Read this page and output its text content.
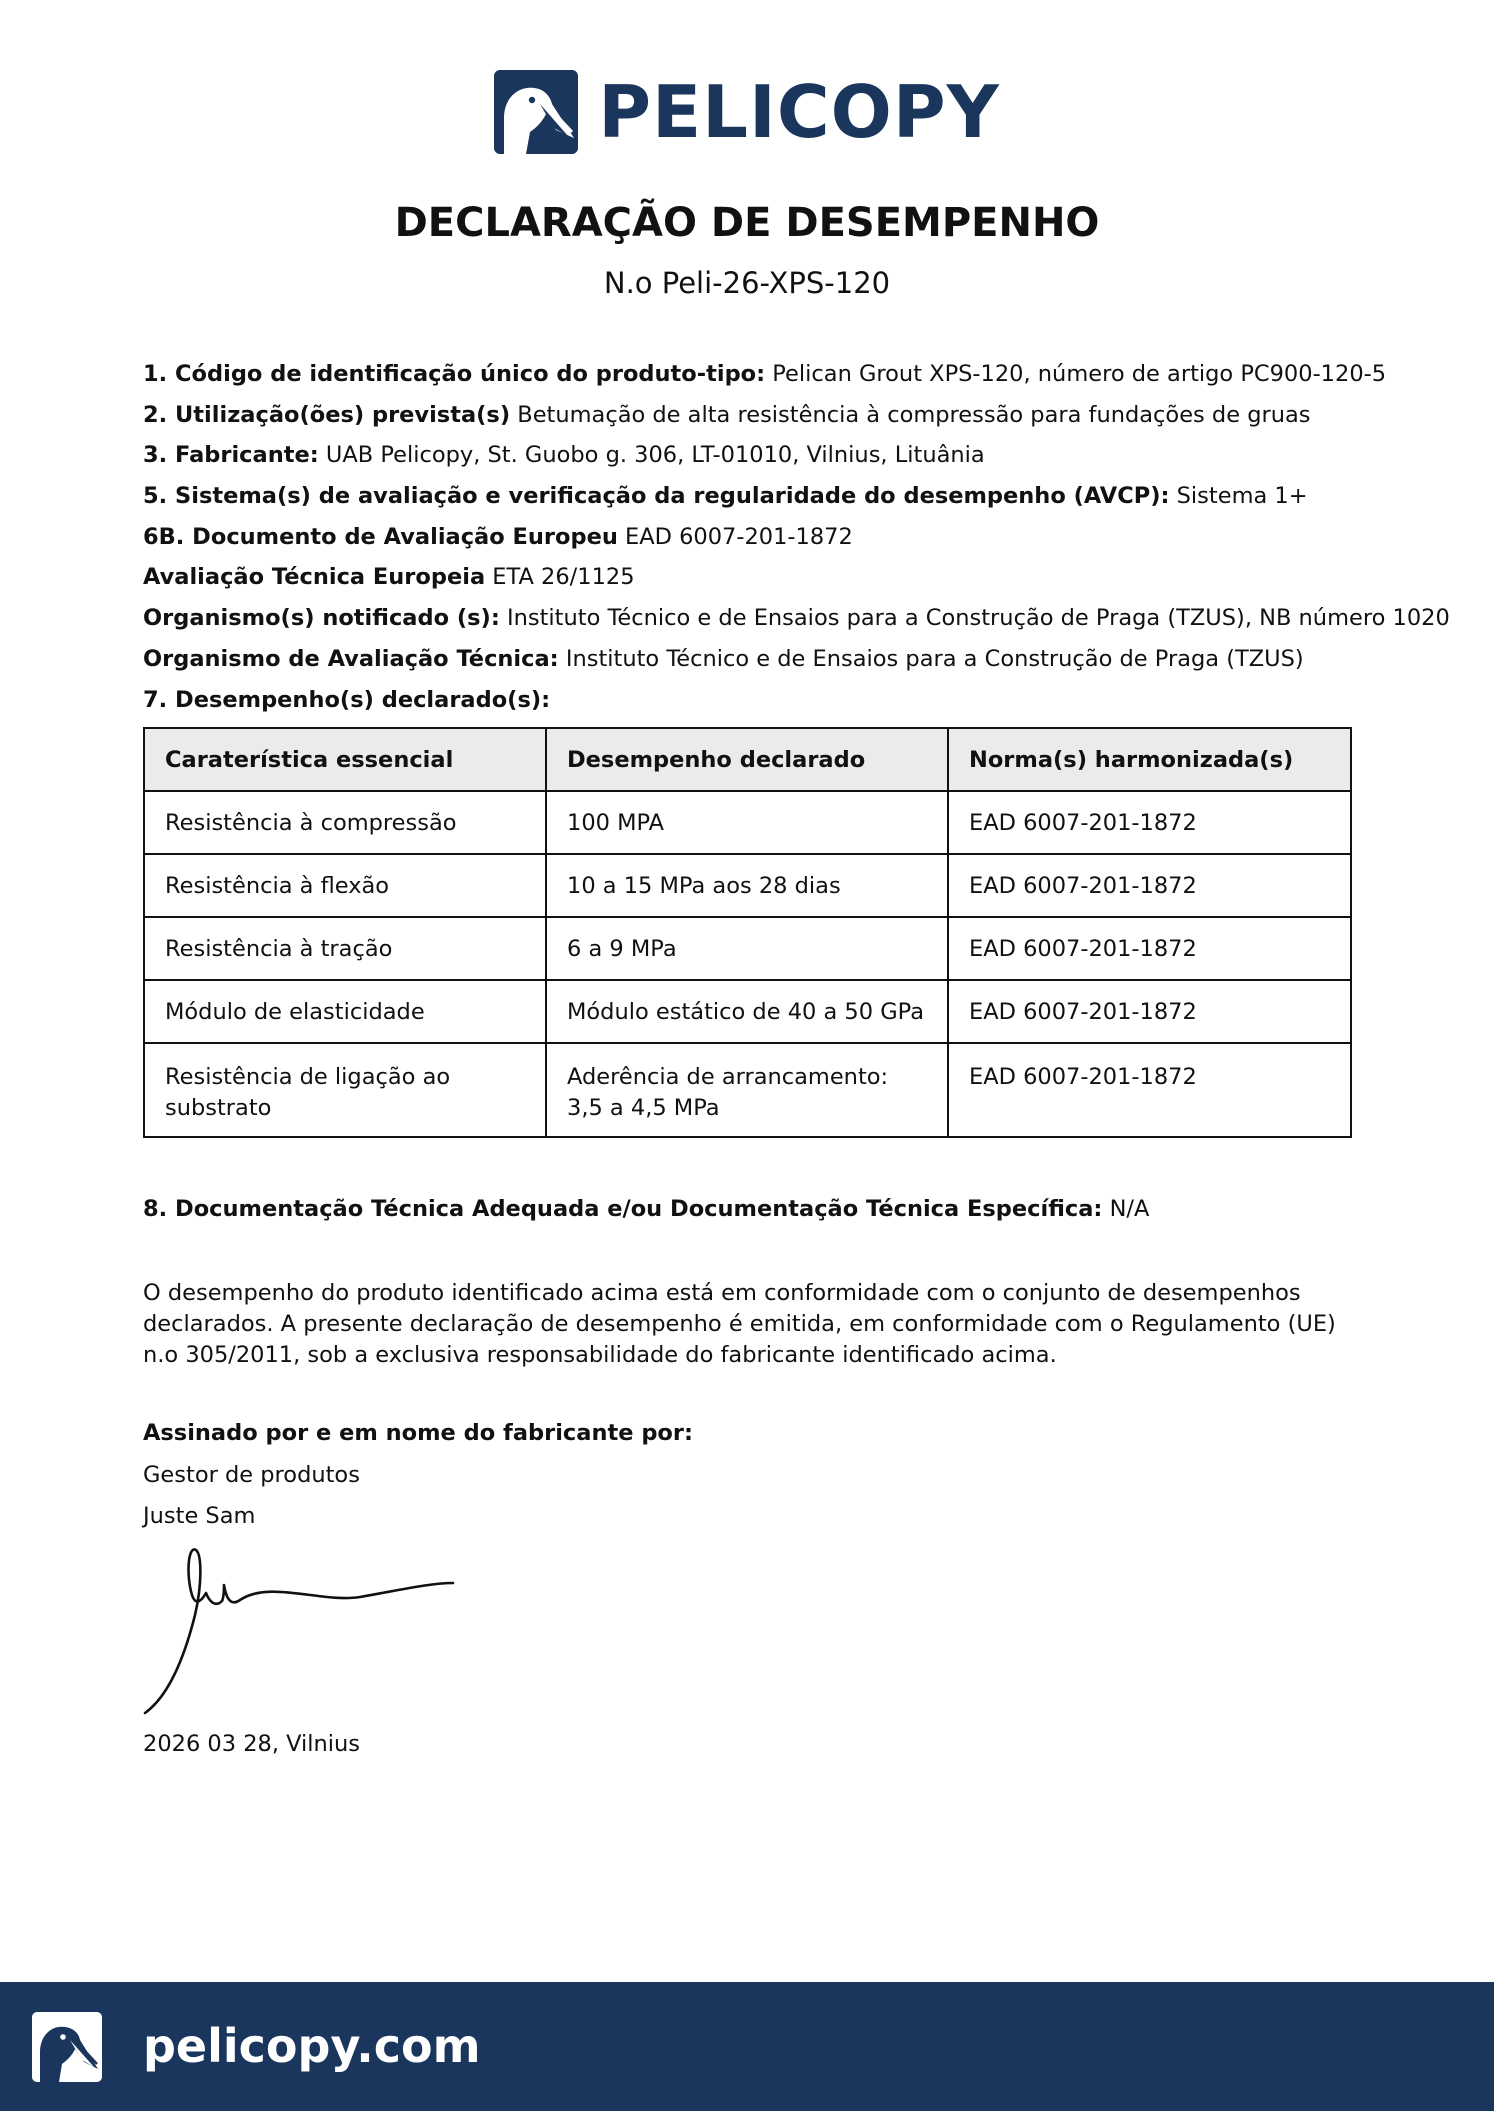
PELICOPY
DECLARAÇÃO DE DESEMPENHO
N.o Peli-26-XPS-120
1. Código de identificação único do produto-tipo: Pelican Grout XPS-120, número de artigo PC900-120-5
2. Utilização(ões) prevista(s) Betumação de alta resistência à compressão para fundações de gruas
3. Fabricante: UAB Pelicopy, St. Guobo g. 306, LT-01010, Vilnius, Lituânia
5. Sistema(s) de avaliação e verificação da regularidade do desempenho (AVCP): Sistema 1+
6B. Documento de Avaliação Europeu EAD 6007-201-1872
Avaliação Técnica Europeia ETA 26/1125
Organismo(s) notificado (s): Instituto Técnico e de Ensaios para a Construção de Praga (TZUS), NB número 1020
Organismo de Avaliação Técnica: Instituto Técnico e de Ensaios para a Construção de Praga (TZUS)
7. Desempenho(s) declarado(s):
Caraterística essencial	Desempenho declarado	Norma(s) harmonizada(s)
Resistência à compressão	100 MPA	EAD 6007-201-1872
Resistência à flexão	10 a 15 MPa aos 28 dias	EAD 6007-201-1872
Resistência à tração	6 a 9 MPa	EAD 6007-201-1872
Módulo de elasticidade	Módulo estático de 40 a 50 GPa	EAD 6007-201-1872
Resistência de ligação ao substrato	Aderência de arrancamento: 3,5 a 4,5 MPa	EAD 6007-201-1872
8. Documentação Técnica Adequada e/ou Documentação Técnica Específica: N/A
O desempenho do produto identificado acima está em conformidade com o conjunto de desempenhos declarados. A presente declaração de desempenho é emitida, em conformidade com o Regulamento (UE) n.o 305/2011, sob a exclusiva responsabilidade do fabricante identificado acima.
Assinado por e em nome do fabricante por:
Gestor de produtos
Juste Sam
2026 03 28, Vilnius
pelicopy.com
